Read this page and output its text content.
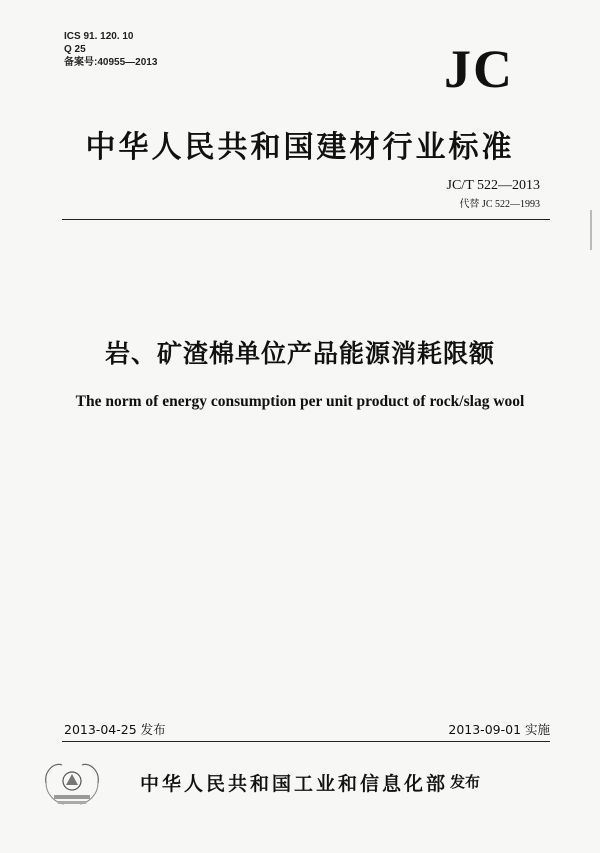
ICS 91. 120. 10
Q 25
备案号:40955—2013	JC
中华人民共和国建材行业标准
JC/T 522—2013
代替 JC 522—1993
岩、矿渣棉单位产品能源消耗限额
The norm of energy consumption per unit product of rock/slag wool
2013-04-25 发布	2013-09-01 实施
中华人民共和国工业和信息化部 发布
